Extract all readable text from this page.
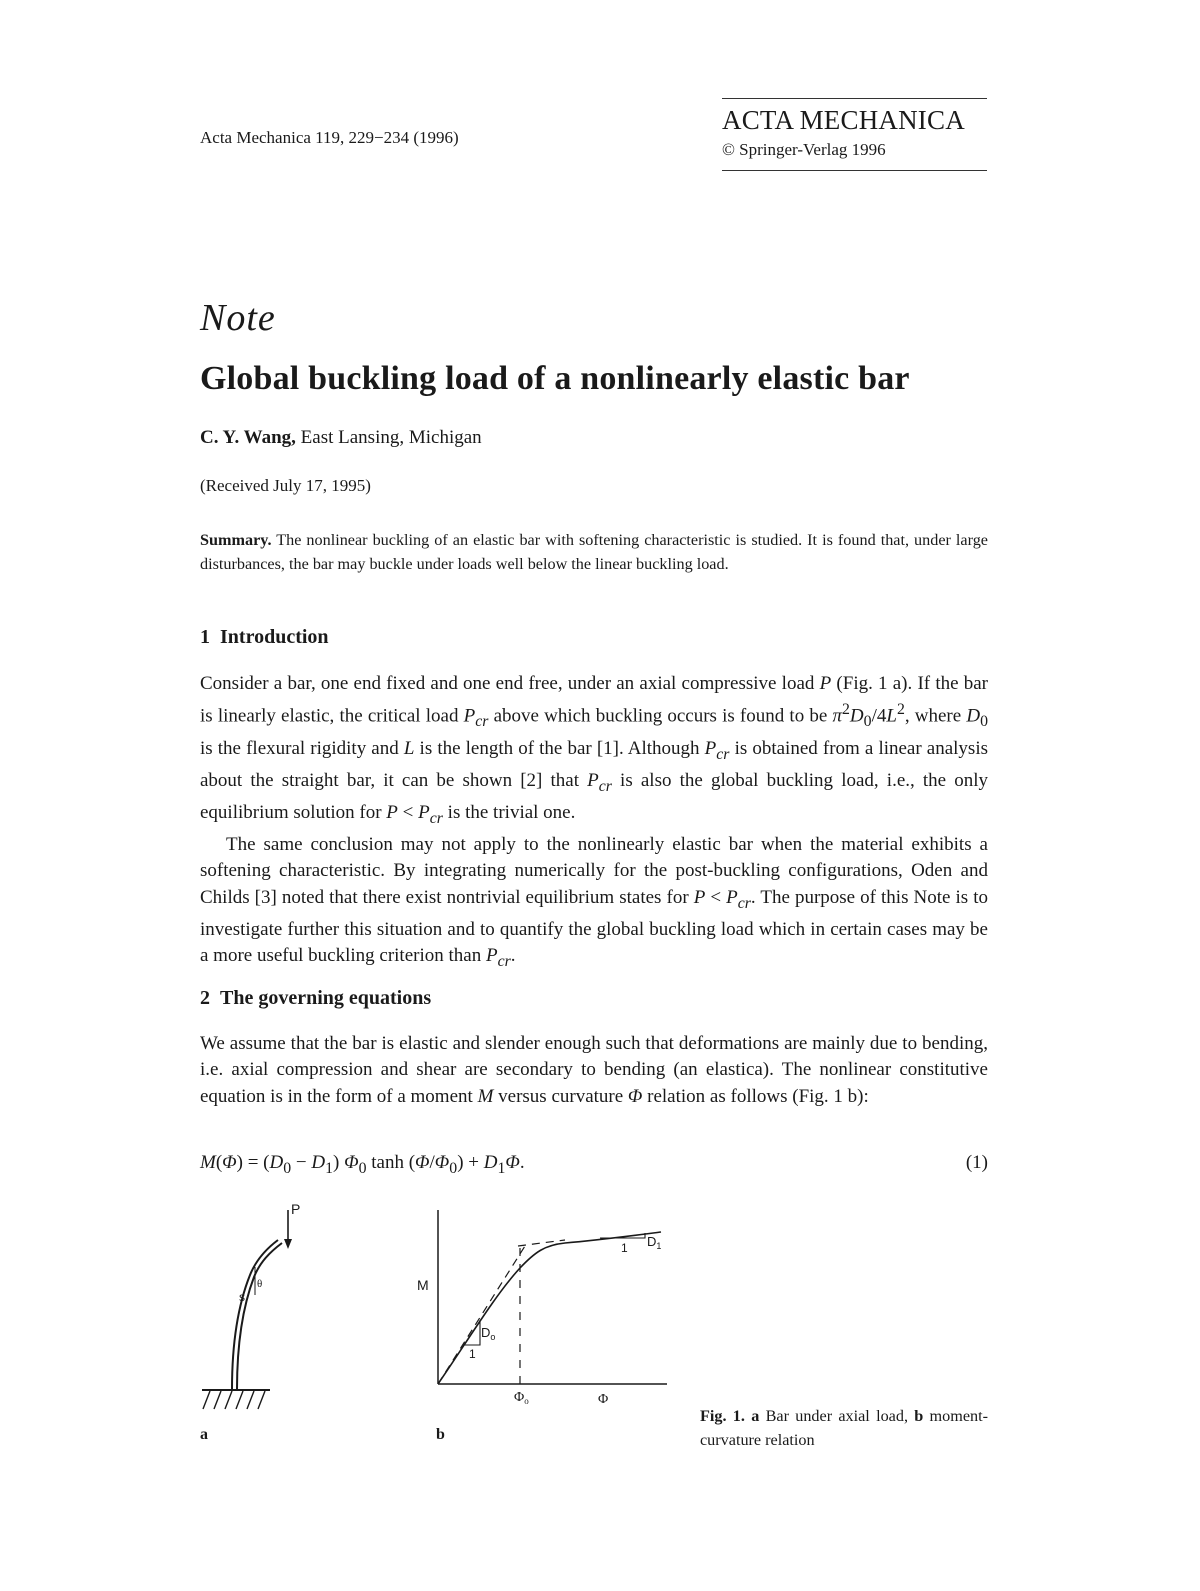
Acta Mechanica 119, 229−234 (1996)
ACTA MECHANICA
© Springer-Verlag 1996
Note
Global buckling load of a nonlinearly elastic bar
C. Y. Wang, East Lansing, Michigan
(Received July 17, 1995)
Summary. The nonlinear buckling of an elastic bar with softening characteristic is studied. It is found that, under large disturbances, the bar may buckle under loads well below the linear buckling load.
1 Introduction

Consider a bar, one end fixed and one end free, under an axial compressive load P (Fig. 1 a). If the bar is linearly elastic, the critical load $P_{cr}$ above which buckling occurs is found to be $\pi^2D_0/4L^2$, where $D_0$ is the flexural rigidity and L is the length of the bar [1]. Although $P_{cr}$ is obtained from a linear analysis about the straight bar, it can be shown [2] that $P_{cr}$ is also the global buckling load, i.e., the only equilibrium solution for $P < P_{cr}$ is the trivial one.

The same conclusion may not apply to the nonlinearly elastic bar when the material exhibits a softening characteristic. By integrating numerically for the post-buckling configurations, Oden and Childs [3] noted that there exist nontrivial equilibrium states for $P < P_{cr}$. The purpose of this Note is to investigate further this situation and to quantify the global buckling load which in certain cases may be a more useful buckling criterion than $P_{cr}$.

2 The governing equations

We assume that the bar is elastic and slender enough such that deformations are mainly due to bending, i.e. axial compression and shear are secondary to bending (an elastica). The nonlinear constitutive equation is in the form of a moment M versus curvature Φ relation as follows (Fig. 1 b):

$M(\Phi) = (D_0 - D_1)$ $\Phi_0$ $\tanh (\Phi/\Phi_0) + D_1\Phi$.	(1)
P
θ
s
a
1
$D_o$
1 $D_1$
M
$\Phi_o$	Φ
b
Fig. 1. a Bar under axial load, b moment-curvature relation
